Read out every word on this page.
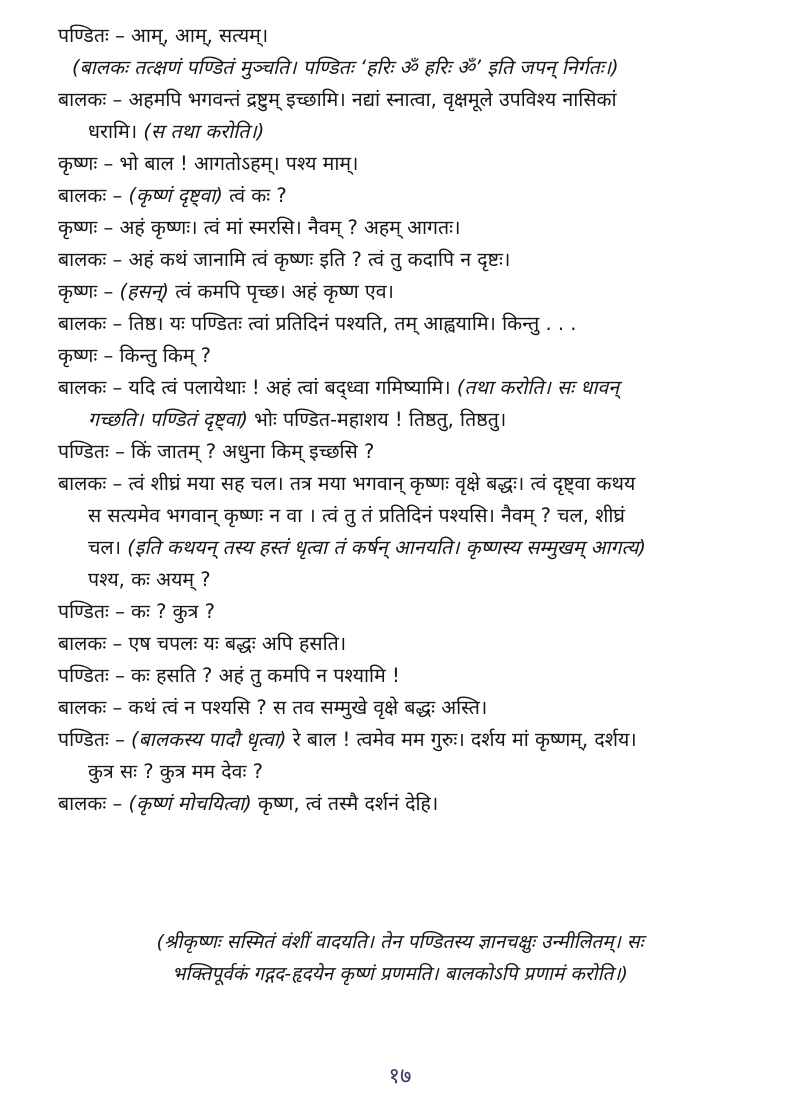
पण्डितः – आम्, आम्, सत्यम्।
(बालकः तत्क्षणं पण्डितं मुञ्चति। पण्डितः ‘हरिः ॐ हरिः ॐ’ इति जपन् निर्गतः।)
बालकः – अहमपि भगवन्तं द्रष्टुम् इच्छामि। नद्यां स्नात्वा, वृक्षमूले उपविश्य नासिकां
धरामि। (स तथा करोति।)
कृष्णः – भो बाल ! आगतोऽहम्। पश्य माम्।
बालकः – (कृष्णं दृष्ट्वा) त्वं कः ?
कृष्णः – अहं कृष्णः। त्वं मां स्मरसि। नैवम् ? अहम् आगतः।
बालकः – अहं कथं जानामि त्वं कृष्णः इति ? त्वं तु कदापि न दृष्टः।
कृष्णः – (हसन्) त्वं कमपि पृच्छ। अहं कृष्ण एव।
बालकः – तिष्ठ। यः पण्डितः त्वां प्रतिदिनं पश्यति, तम् आह्वयामि। किन्तु . . .
कृष्णः – किन्तु किम् ?
बालकः – यदि त्वं पलायेथाः ! अहं त्वां बद्ध्वा गमिष्यामि। (तथा करोति। सः धावन्
गच्छति। पण्डितं दृष्ट्वा) भोः पण्डित-महाशय ! तिष्ठतु, तिष्ठतु।
पण्डितः – किं जातम् ? अधुना किम् इच्छसि ?
बालकः – त्वं शीघ्रं मया सह चल। तत्र मया भगवान् कृष्णः वृक्षे बद्धः। त्वं दृष्ट्वा कथय
स सत्यमेव भगवान् कृष्णः न वा । त्वं तु तं प्रतिदिनं पश्यसि। नैवम् ? चल, शीघ्रं
चल। (इति कथयन् तस्य हस्तं धृत्वा तं कर्षन् आनयति। कृष्णस्य सम्मुखम् आगत्य)
पश्य, कः अयम् ?
पण्डितः – कः ? कुत्र ?
बालकः – एष चपलः यः बद्धः अपि हसति।
पण्डितः – कः हसति ? अहं तु कमपि न पश्यामि !
बालकः – कथं त्वं न पश्यसि ? स तव सम्मुखे वृक्षे बद्धः अस्ति।
पण्डितः – (बालकस्य पादौ धृत्वा) रे बाल ! त्वमेव मम गुरुः। दर्शय मां कृष्णम्, दर्शय।
कुत्र सः ? कुत्र मम देवः ?
बालकः – (कृष्णं मोचयित्वा) कृष्ण, त्वं तस्मै दर्शनं देहि।
(श्रीकृष्णः सस्मितं वंशीं वादयति। तेन पण्डितस्य ज्ञानचक्षुः उन्मीलितम्। सः
भक्तिपूर्वकं गद्गद-हृदयेन कृष्णं प्रणमति। बालकोऽपि प्रणामं करोति।)
१७
